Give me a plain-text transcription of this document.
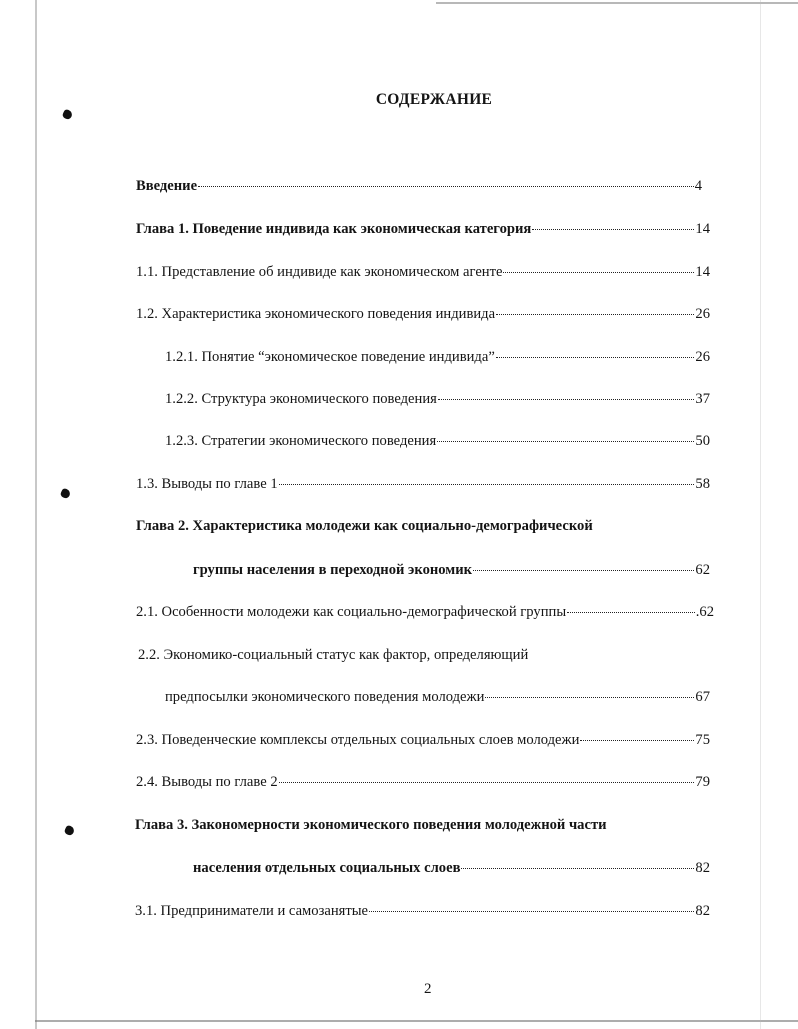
СОДЕРЖАНИЕ
Введение	4
Глава 1. Поведение индивида как экономическая категория	14
1.1. Представление об индивиде как экономическом агенте	14
1.2. Характеристика экономического поведения индивида	26
1.2.1. Понятие “экономическое поведение индивида”	26
1.2.2. Структура экономического поведения	37
1.2.3. Стратегии экономического поведения	50
1.3. Выводы по главе 1	58
Глава 2. Характеристика молодежи как социально-демографической
группы населения в переходной экономик	62
2.1. Особенности молодежи как социально-демографической группы	.62
2.2. Экономико-социальный статус как фактор, определяющий
предпосылки экономического поведения молодежи	67
2.3. Поведенческие комплексы отдельных социальных слоев молодежи	75
2.4. Выводы по главе 2	79
Глава 3. Закономерности экономического поведения молодежной части
населения отдельных социальных слоев	82
3.1. Предприниматели и самозанятые	82
2
